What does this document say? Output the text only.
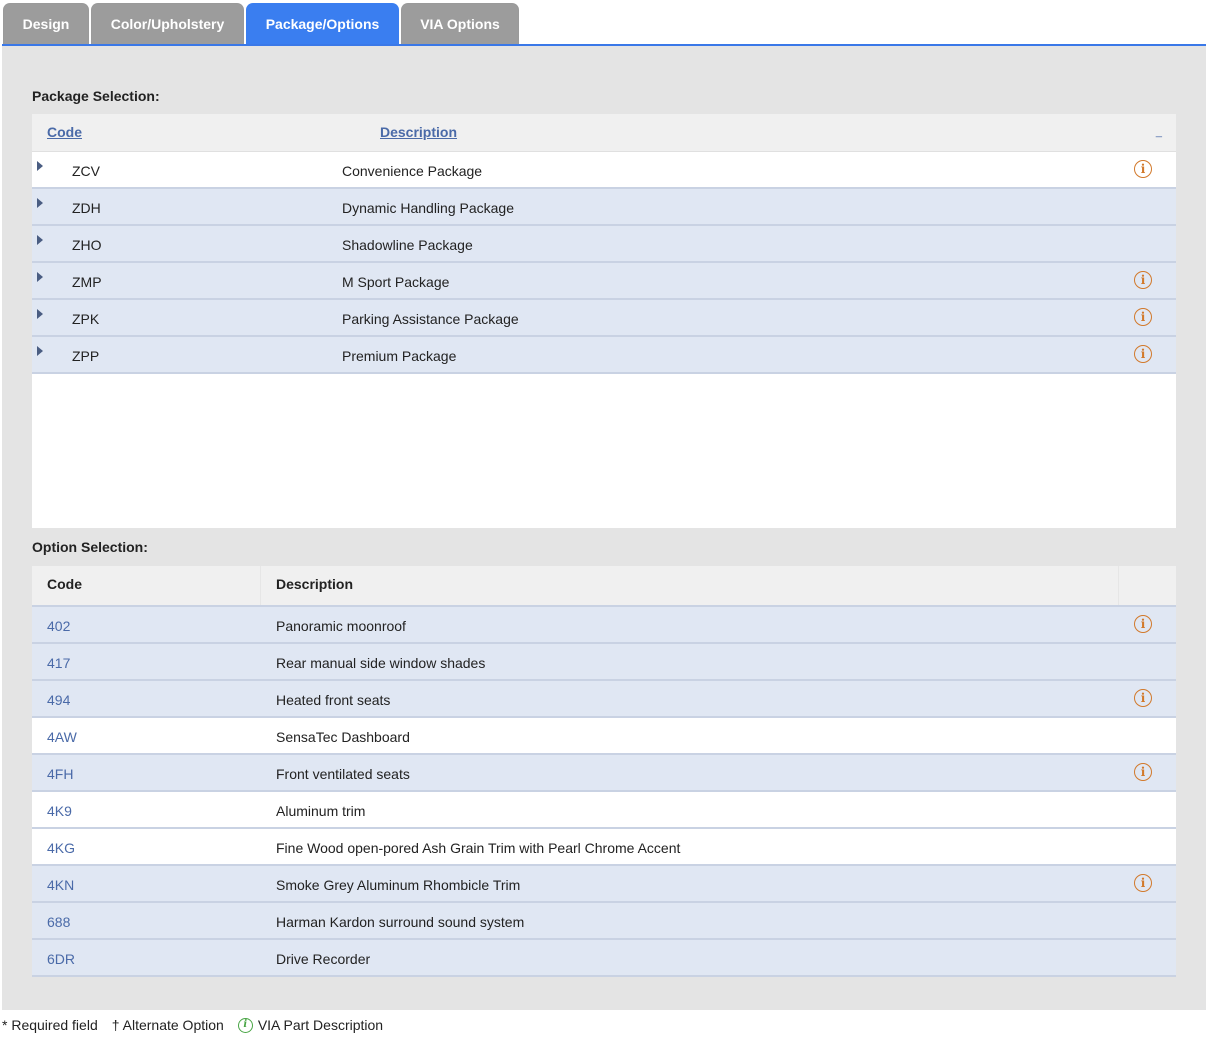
Design	Color/Upholstery	Package/Options	VIA Options
Package Selection:
Code	Description	_
ZCV	Convenience Package	i
ZDH	Dynamic Handling Package
ZHO	Shadowline Package
ZMP	M Sport Package	i
ZPK	Parking Assistance Package	i
ZPP	Premium Package	i
Option Selection:
Code	Description
402	Panoramic moonroof	i
417	Rear manual side window shades
494	Heated front seats	i
4AW	SensaTec Dashboard
4FH	Front ventilated seats	i
4K9	Aluminum trim
4KG	Fine Wood open-pored Ash Grain Trim with Pearl Chrome Accent
4KN	Smoke Grey Aluminum Rhombicle Trim	i
688	Harman Kardon surround sound system
6DR	Drive Recorder
* Required field † Alternate Option	i VIA Part Description
